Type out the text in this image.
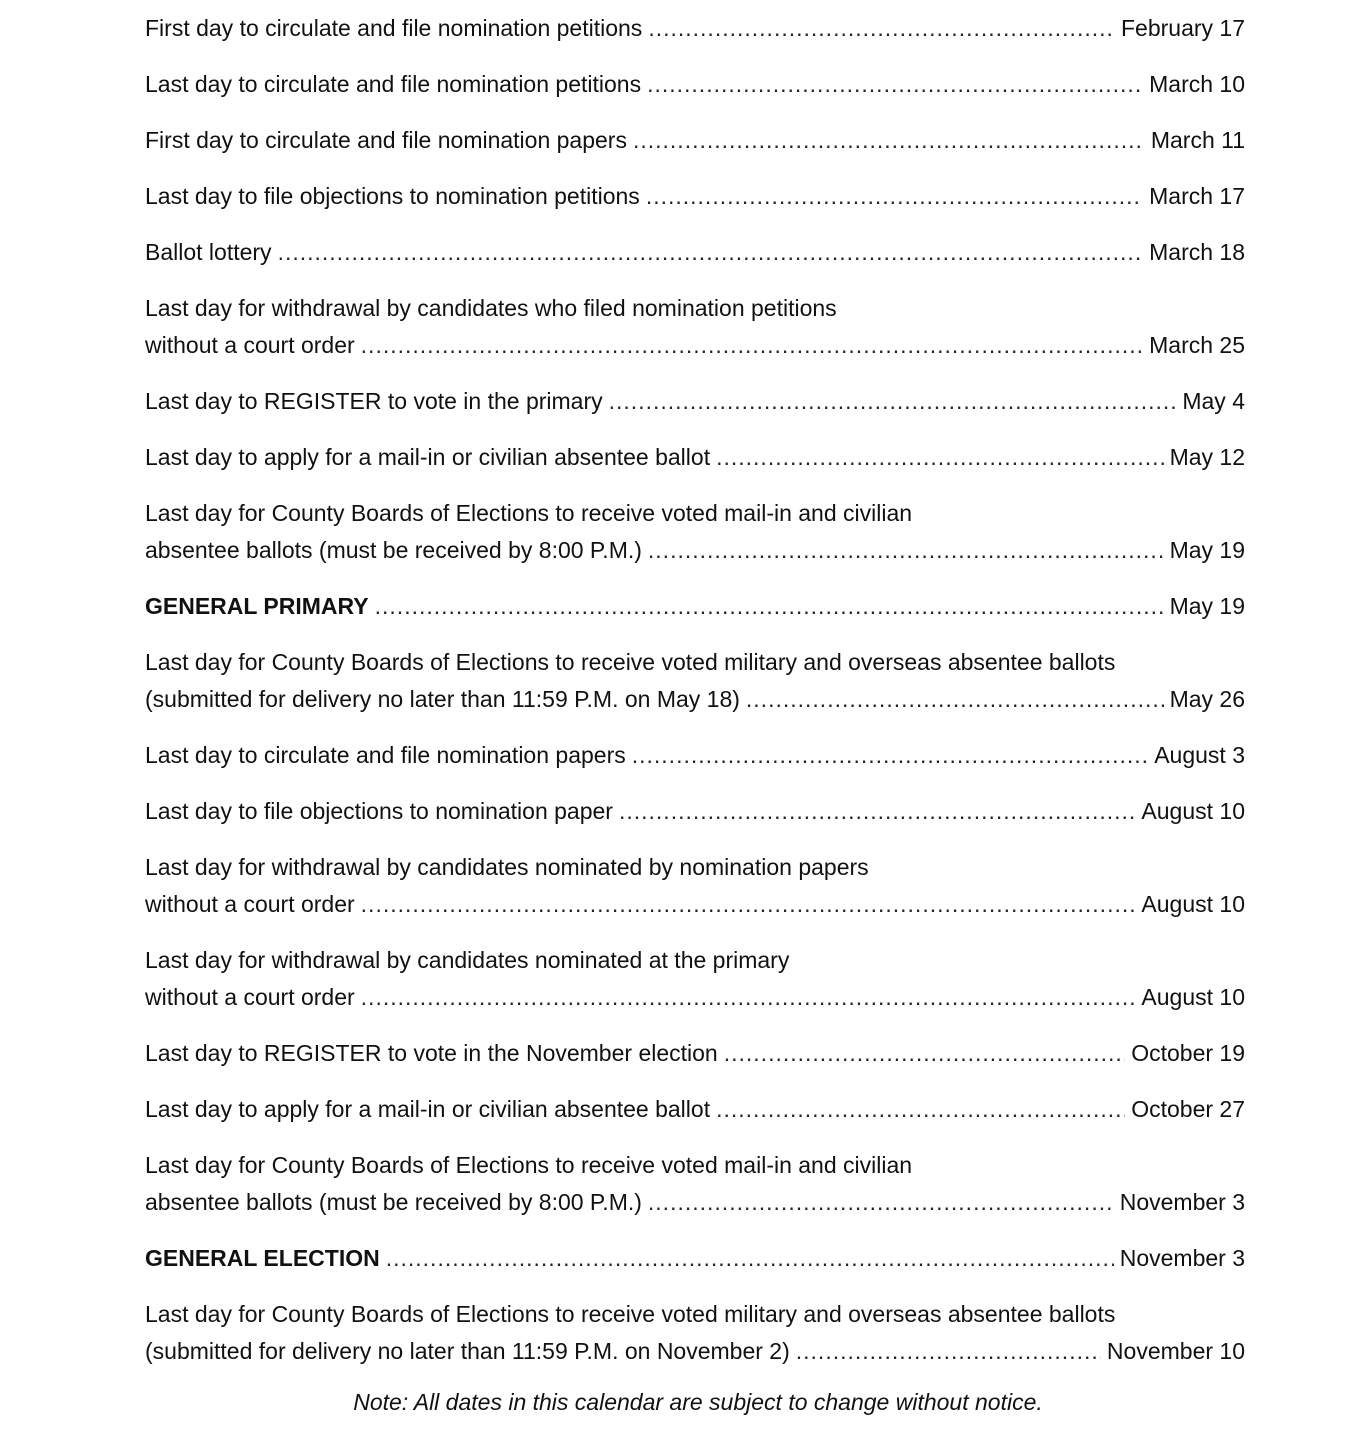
First day to circulate and file nomination petitions .....	February 17
Last day to circulate and file nomination petitions .....	March 10
First day to circulate and file nomination papers .....	March 11
Last day to file objections to nomination petitions .....	March 17
Ballot lottery .....	March 18
Last day for withdrawal by candidates who filed nomination petitions
without a court order .....	March 25
Last day to REGISTER to vote in the primary .....	May 4
Last day to apply for a mail-in or civilian absentee ballot .....	May 12
Last day for County Boards of Elections to receive voted mail-in and civilian
absentee ballots (must be received by 8:00 P.M.) .....	May 19
GENERAL PRIMARY .....	May 19
Last day for County Boards of Elections to receive voted military and overseas absentee ballots
(submitted for delivery no later than 11:59 P.M. on May 18) .....	May 26
Last day to circulate and file nomination papers .....	August 3
Last day to file objections to nomination paper .....	August 10
Last day for withdrawal by candidates nominated by nomination papers
without a court order .....	August 10
Last day for withdrawal by candidates nominated at the primary
without a court order .....	August 10
Last day to REGISTER to vote in the November election .....	October 19
Last day to apply for a mail-in or civilian absentee ballot .....	October 27
Last day for County Boards of Elections to receive voted mail-in and civilian
absentee ballots (must be received by 8:00 P.M.) .....	November 3
GENERAL ELECTION .....	November 3
Last day for County Boards of Elections to receive voted military and overseas absentee ballots
(submitted for delivery no later than 11:59 P.M. on November 2) .....	November 10
Note: All dates in this calendar are subject to change without notice.
